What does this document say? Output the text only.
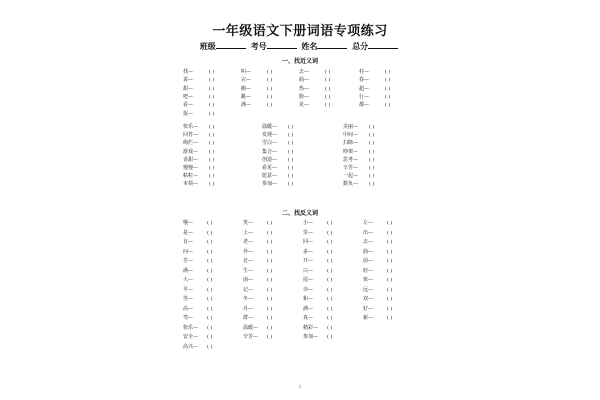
一年级语文下册词语专项练习
班级	考号	姓名	总分
一、找近义词
找—	( )	叫—	( )	去—	( )	村—	( )
说—	( )	完—	( )	曲—	( )	春—	( )
甜—	( )	搬—	( )	热—	( )	超—	( )
吧—	( )	跳—	( )	脸—	( )	行—	( )
看—	( )	满—	( )	见—	( )	都—	( )
捉—	( )
快乐— ( )	温暖— ( )	美丽— ( )
回答— ( )	发现— ( )	中间— ( )
绚烂— ( )	雪白— ( )	扫除— ( )
游戏— ( )	集合— ( )	吵架— ( )
香甜— ( )	创造— ( )	思考— ( )
慢慢— ( )	看见— ( )	辛苦— ( )
粘粒— ( )	愿意— ( )	一起— ( )
本领— ( )	参加— ( )	数负— ( )
二、找反义词
慢—	( )	笑—	( )	小—	( )	左—	( )
是—	( )	上—	( )	里—	( )	出—	( )
有—	( )	老—	( )	回—	( )	去—	( )
问—	( )	外—	( )	多—	( )	曲—	( )
苦—	( )	北—	( )	开—	( )	前—	( )
满—	( )	生—	( )	白—	( )	轻—	( )
大—	( )	南—	( )	尾—	( )	快—	( )
早—	( )	记—	( )	旁—	( )	远—	( )
男—	( )	冬—	( )	和—	( )	双—	( )
高—	( )	丹—	( )	满—	( )	好—	( )
弯—	( )	群—	( )	真—	( )	新—	( )
快乐— ( )	温暖— ( )	精彩— ( )
安全— ( )	辛苦— ( )	参加— ( )
高兴— ( )
1
